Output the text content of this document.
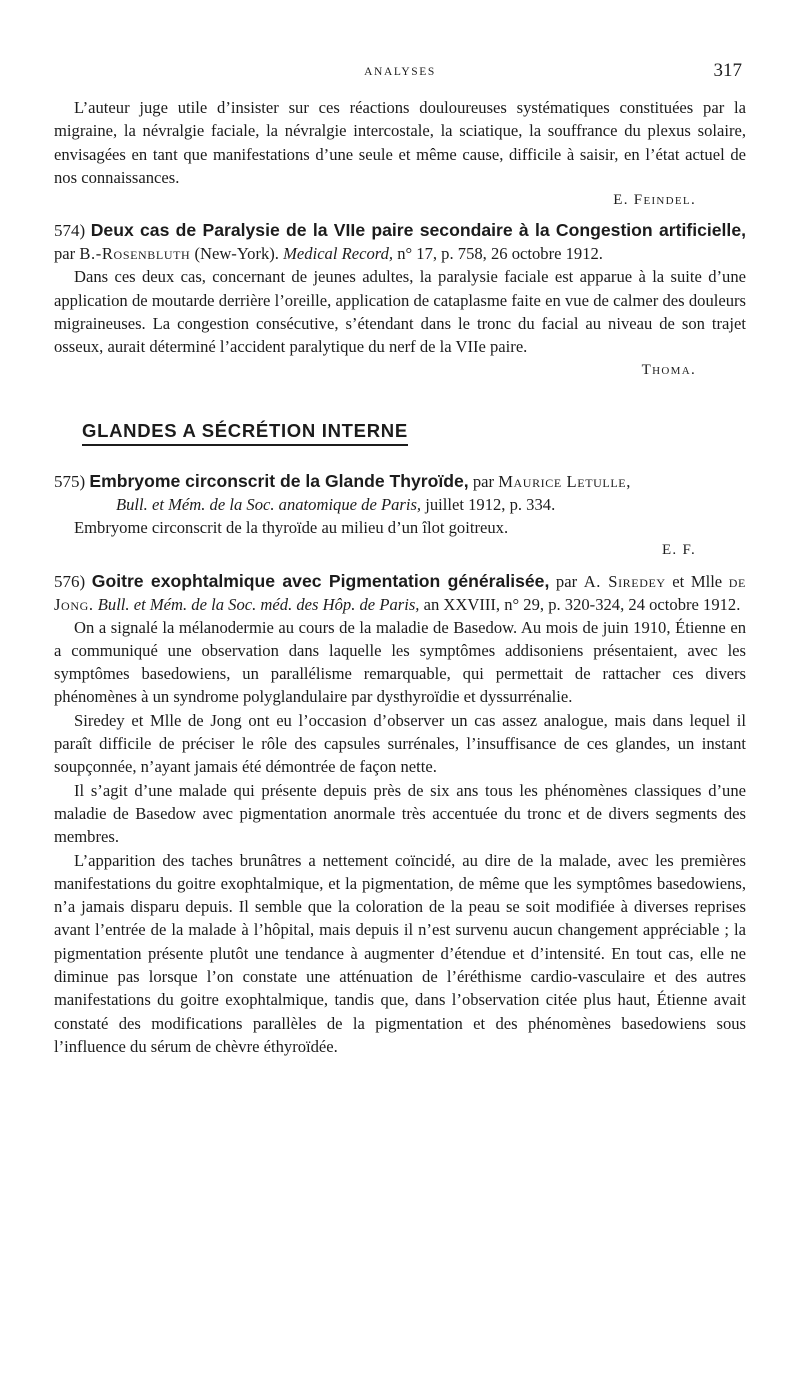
ANALYSES	317

L’auteur juge utile d’insister sur ces réactions douloureuses systématiques constituées par la migraine, la névralgie faciale, la névralgie intercostale, la sciatique, la souffrance du plexus solaire, envisagées en tant que manifestations d’une seule et même cause, difficile à saisir, en l’état actuel de nos connaissances.

E. Feindel.

574) Deux cas de Paralysie de la VIIe paire secondaire à la Congestion artificielle, par B.-Rosenbluth (New-York). Medical Record, n° 17, p. 758, 26 octobre 1912.

Dans ces deux cas, concernant de jeunes adultes, la paralysie faciale est apparue à la suite d’une application de moutarde derrière l’oreille, application de cataplasme faite en vue de calmer des douleurs migraineuses. La congestion consécutive, s’étendant dans le tronc du facial au niveau de son trajet osseux, aurait déterminé l’accident paralytique du nerf de la VIIe paire.

Thoma.
GLANDES A SÉCRÉTION INTERNE

575) Embryome circonscrit de la Glande Thyroïde, par Maurice Letulle,
Bull. et Mém. de la Soc. anatomique de Paris, juillet 1912, p. 334.

Embryome circonscrit de la thyroïde au milieu d’un îlot goitreux.

E. F.

576) Goitre exophtalmique avec Pigmentation généralisée, par A. Siredey et Mlle de Jong. Bull. et Mém. de la Soc. méd. des Hôp. de Paris, an XXVIII, n° 29, p. 320-324, 24 octobre 1912.

On a signalé la mélanodermie au cours de la maladie de Basedow. Au mois de juin 1910, Étienne en a communiqué une observation dans laquelle les symptômes addisoniens présentaient, avec les symptômes basedowiens, un parallélisme remarquable, qui permettait de rattacher ces divers phénomènes à un syndrome polyglandulaire par dysthyroïdie et dyssurrénalie.

Siredey et Mlle de Jong ont eu l’occasion d’observer un cas assez analogue, mais dans lequel il paraît difficile de préciser le rôle des capsules surrénales, l’insuffisance de ces glandes, un instant soupçonnée, n’ayant jamais été démontrée de façon nette.

Il s’agit d’une malade qui présente depuis près de six ans tous les phénomènes classiques d’une maladie de Basedow avec pigmentation anormale très accentuée du tronc et de divers segments des membres.

L’apparition des taches brunâtres a nettement coïncidé, au dire de la malade, avec les premières manifestations du goitre exophtalmique, et la pigmentation, de même que les symptômes basedowiens, n’a jamais disparu depuis. Il semble que la coloration de la peau se soit modifiée à diverses reprises avant l’entrée de la malade à l’hôpital, mais depuis il n’est survenu aucun changement appréciable ; la pigmentation présente plutôt une tendance à augmenter d’étendue et d’intensité. En tout cas, elle ne diminue pas lorsque l’on constate une atténuation de l’éréthisme cardio-vasculaire et des autres manifestations du goitre exophtalmique, tandis que, dans l’observation citée plus haut, Étienne avait constaté des modifications parallèles de la pigmentation et des phénomènes basedowiens sous l’influence du sérum de chèvre éthyroïdée.
